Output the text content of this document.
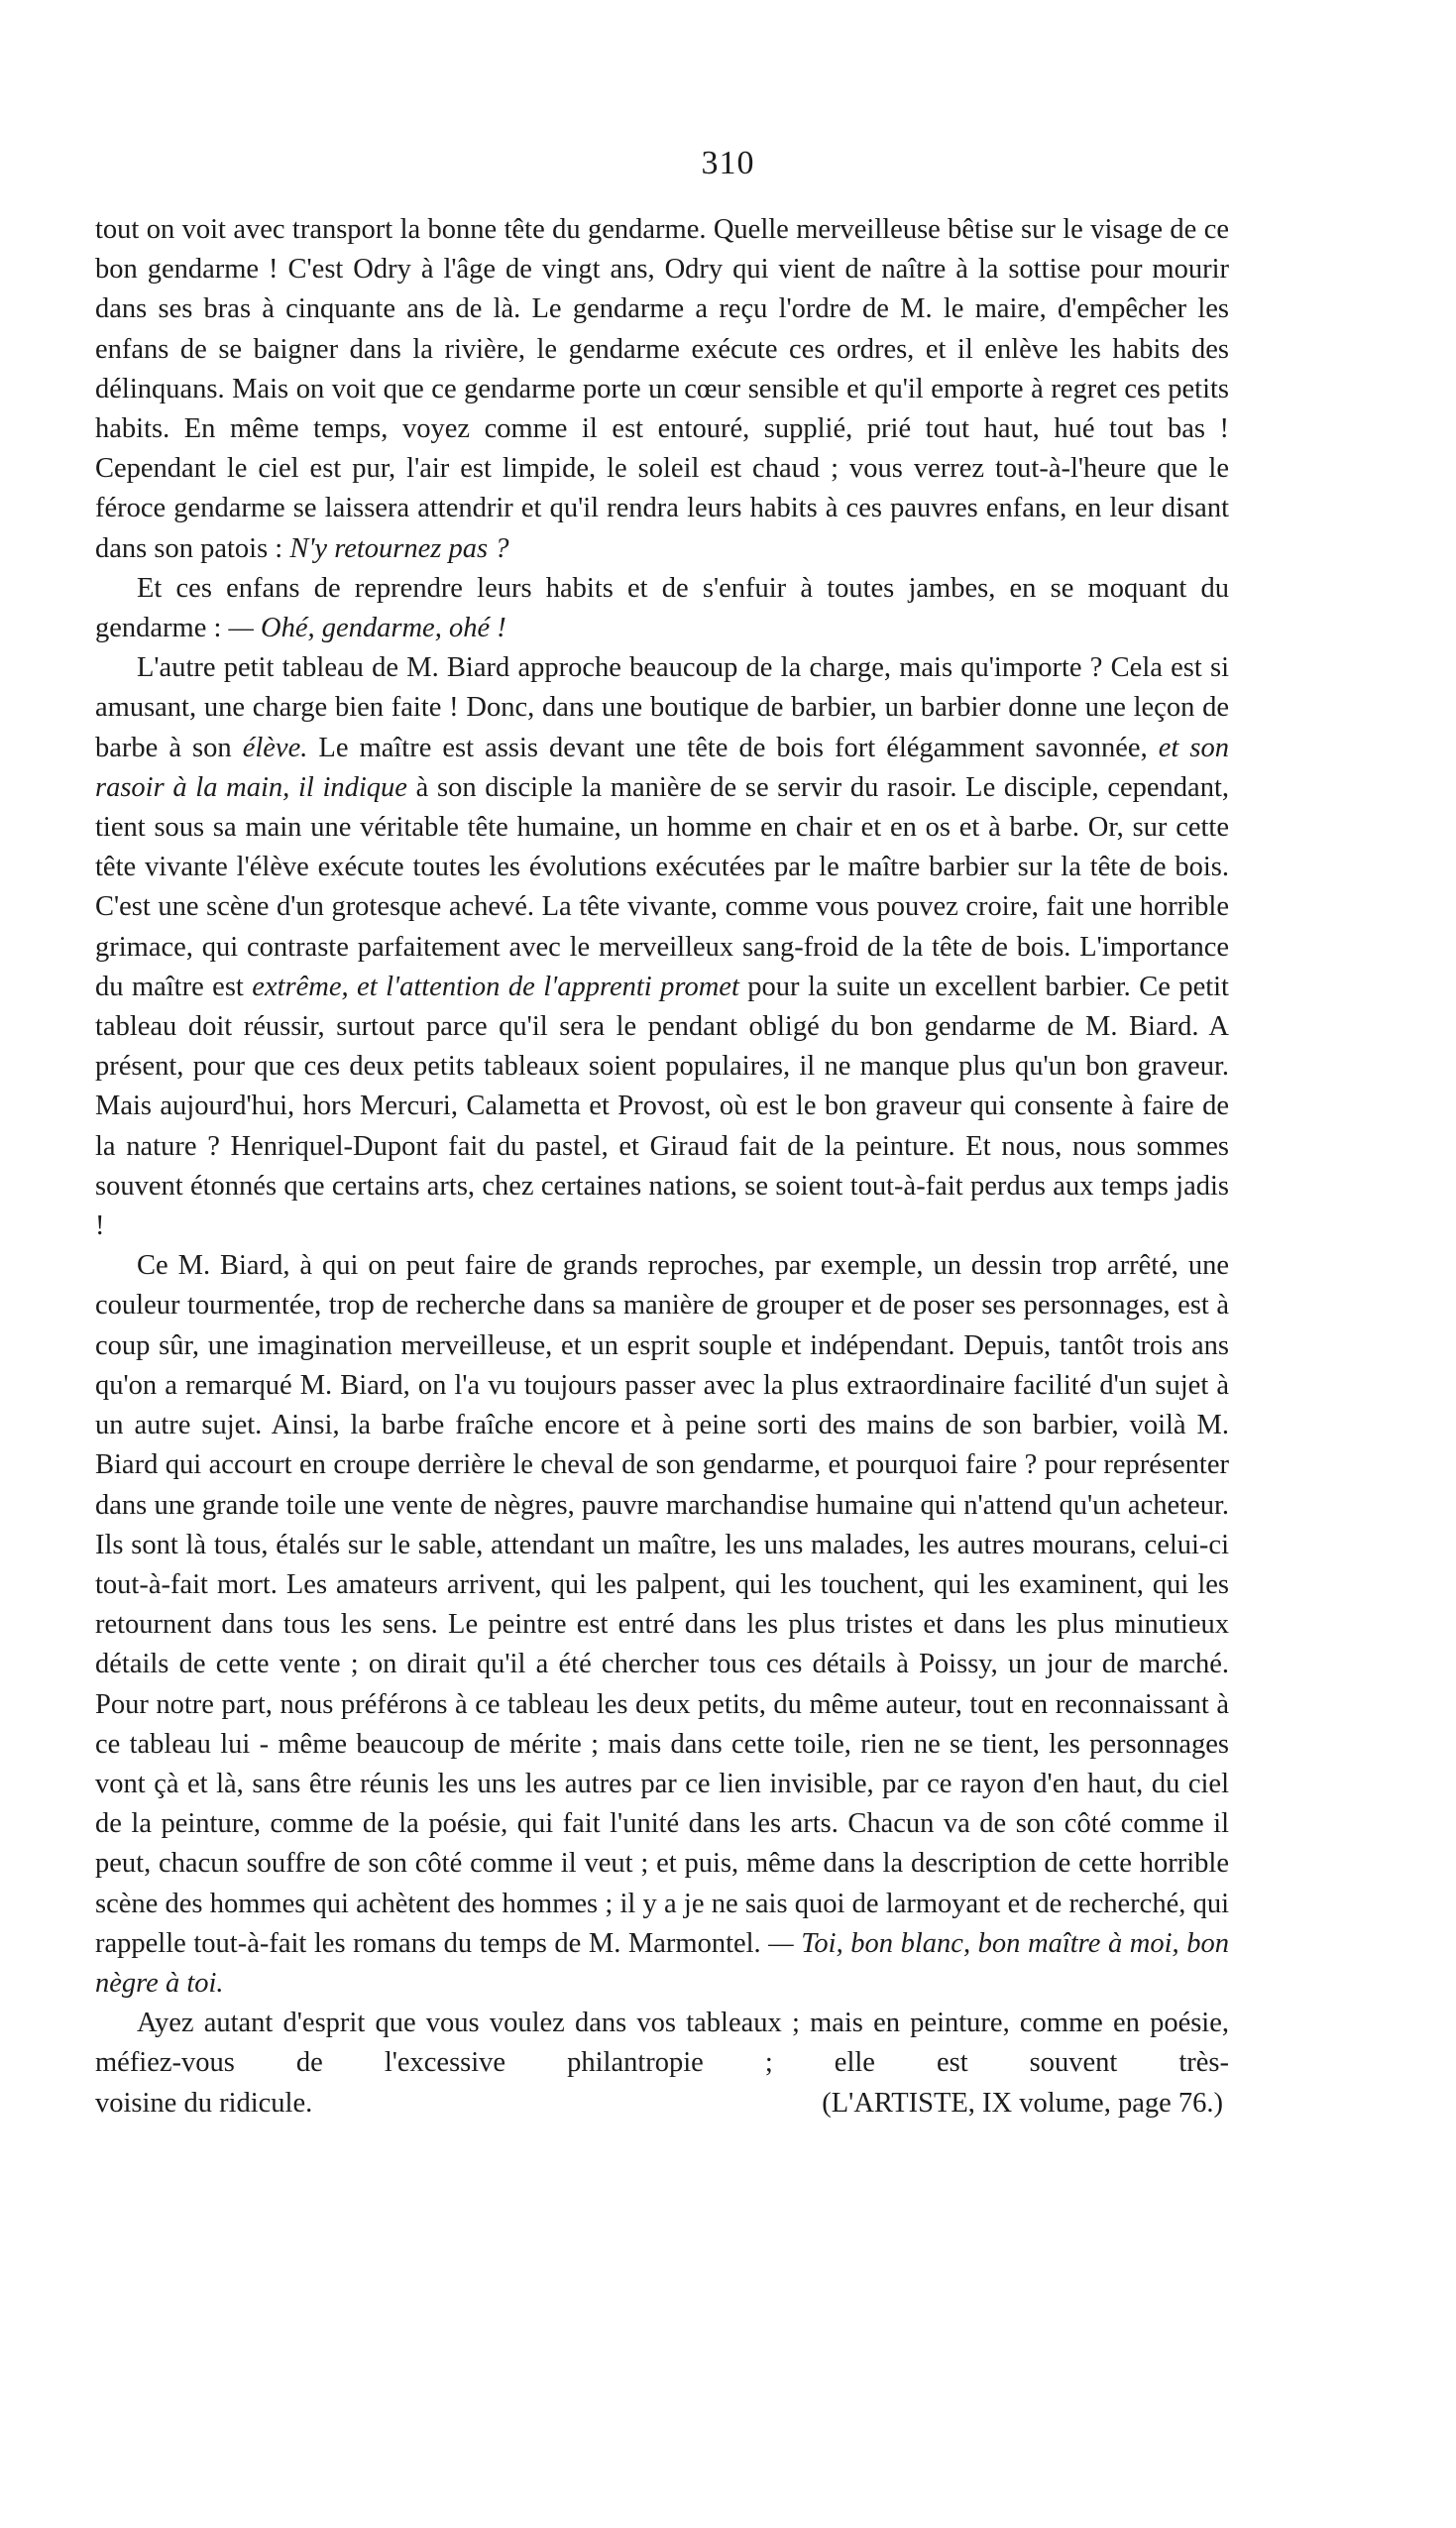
310

tout on voit avec transport la bonne tête du gendarme. Quelle merveilleuse bêtise sur le visage de ce bon gendarme ! C'est Odry à l'âge de vingt ans, Odry qui vient de naître à la sottise pour mourir dans ses bras à cinquante ans de là. Le gendarme a reçu l'ordre de M. le maire, d'empêcher les enfans de se baigner dans la rivière, le gendarme exécute ces ordres, et il enlève les habits des délinquans. Mais on voit que ce gendarme porte un cœur sensible et qu'il emporte à regret ces petits habits. En même temps, voyez comme il est entouré, supplié, prié tout haut, hué tout bas ! Cependant le ciel est pur, l'air est limpide, le soleil est chaud ; vous verrez tout-à-l'heure que le féroce gendarme se laissera attendrir et qu'il rendra leurs habits à ces pauvres enfans, en leur disant dans son patois : N'y retournez pas ?

Et ces enfans de reprendre leurs habits et de s'enfuir à toutes jambes, en se moquant du gendarme : — Ohé, gendarme, ohé !

L'autre petit tableau de M. Biard approche beaucoup de la charge, mais qu'importe ? Cela est si amusant, une charge bien faite ! Donc, dans une boutique de barbier, un barbier donne une leçon de barbe à son élève. Le maître est assis devant une tête de bois fort élégamment savonnée, et son rasoir à la main, il indique à son disciple la manière de se servir du rasoir. Le disciple, cependant, tient sous sa main une véritable tête humaine, un homme en chair et en os et à barbe. Or, sur cette tête vivante l'élève exécute toutes les évolutions exécutées par le maître barbier sur la tête de bois. C'est une scène d'un grotesque achevé. La tête vivante, comme vous pouvez croire, fait une horrible grimace, qui contraste parfaitement avec le merveilleux sang-froid de la tête de bois. L'importance du maître est extrême, et l'attention de l'apprenti promet pour la suite un excellent barbier. Ce petit tableau doit réussir, surtout parce qu'il sera le pendant obligé du bon gendarme de M. Biard. A présent, pour que ces deux petits tableaux soient populaires, il ne manque plus qu'un bon graveur. Mais aujourd'hui, hors Mercuri, Calametta et Provost, où est le bon graveur qui consente à faire de la nature ? Henriquel-Dupont fait du pastel, et Giraud fait de la peinture. Et nous, nous sommes souvent étonnés que certains arts, chez certaines nations, se soient tout-à-fait perdus aux temps jadis !

Ce M. Biard, à qui on peut faire de grands reproches, par exemple, un dessin trop arrêté, une couleur tourmentée, trop de recherche dans sa manière de grouper et de poser ses personnages, est à coup sûr, une imagination merveilleuse, et un esprit souple et indépendant. Depuis, tantôt trois ans qu'on a remarqué M. Biard, on l'a vu toujours passer avec la plus extraordinaire facilité d'un sujet à un autre sujet. Ainsi, la barbe fraîche encore et à peine sorti des mains de son barbier, voilà M. Biard qui accourt en croupe derrière le cheval de son gendarme, et pourquoi faire ? pour représenter dans une grande toile une vente de nègres, pauvre marchandise humaine qui n'attend qu'un acheteur. Ils sont là tous, étalés sur le sable, attendant un maître, les uns malades, les autres mourans, celui-ci tout-à-fait mort. Les amateurs arrivent, qui les palpent, qui les touchent, qui les examinent, qui les retournent dans tous les sens. Le peintre est entré dans les plus tristes et dans les plus minutieux détails de cette vente ; on dirait qu'il a été chercher tous ces détails à Poissy, un jour de marché. Pour notre part, nous préférons à ce tableau les deux petits, du même auteur, tout en reconnaissant à ce tableau lui - même beaucoup de mérite ; mais dans cette toile, rien ne se tient, les personnages vont çà et là, sans être réunis les uns les autres par ce lien invisible, par ce rayon d'en haut, du ciel de la peinture, comme de la poésie, qui fait l'unité dans les arts. Chacun va de son côté comme il peut, chacun souffre de son côté comme il veut ; et puis, même dans la description de cette horrible scène des hommes qui achètent des hommes ; il y a je ne sais quoi de larmoyant et de recherché, qui rappelle tout-à-fait les romans du temps de M. Marmontel. — Toi, bon blanc, bon maître à moi, bon nègre à toi.

Ayez autant d'esprit que vous voulez dans vos tableaux ; mais en peinture, comme en poésie, méfiez-vous de l'excessive philantropie ; elle est souvent très-

voisine du ridicule.	(L'ARTISTE, IX volume, page 76.)
